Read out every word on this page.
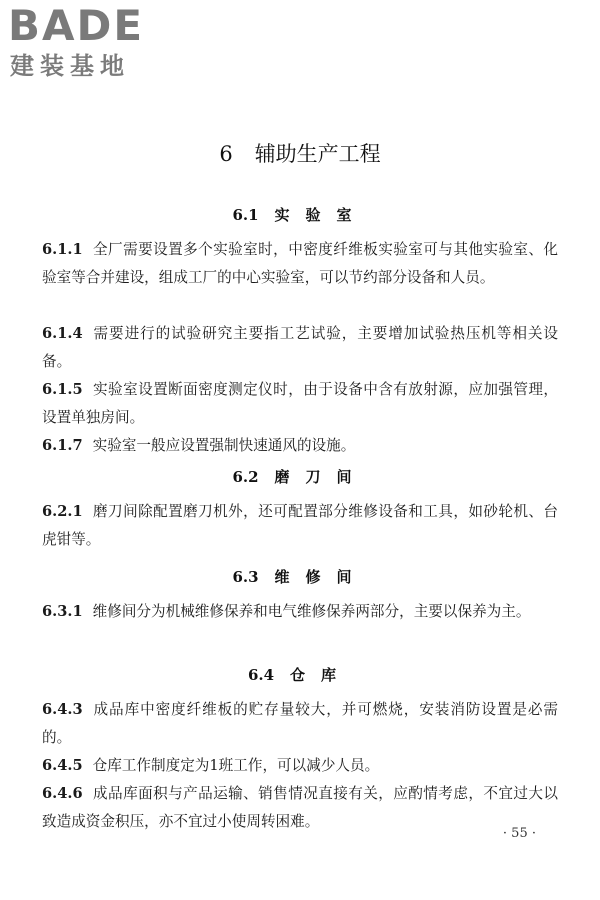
BADE
建装基地
6 辅助生产工程
6.1 实验室
6.1.1 全厂需要设置多个实验室时，中密度纤维板实验室可与其他实验室、化验室等合并建设，组成工厂的中心实验室，可以节约部分设备和人员。
6.1.4 需要进行的试验研究主要指工艺试验，主要增加试验热压机等相关设备。
6.1.5 实验室设置断面密度测定仪时，由于设备中含有放射源，应加强管理，设置单独房间。
6.1.7 实验室一般应设置强制快速通风的设施。
6.2 磨刀间
6.2.1 磨刀间除配置磨刀机外，还可配置部分维修设备和工具，如砂轮机、台虎钳等。
6.3 维修间
6.3.1 维修间分为机械维修保养和电气维修保养两部分，主要以保养为主。
6.4 仓库
6.4.3 成品库中密度纤维板的贮存量较大，并可燃烧，安装消防设置是必需的。
6.4.5 仓库工作制度定为1班工作，可以减少人员。
6.4.6 成品库面积与产品运输、销售情况直接有关，应酌情考虑，不宜过大以致造成资金积压，亦不宜过小使周转困难。
· 55 ·
